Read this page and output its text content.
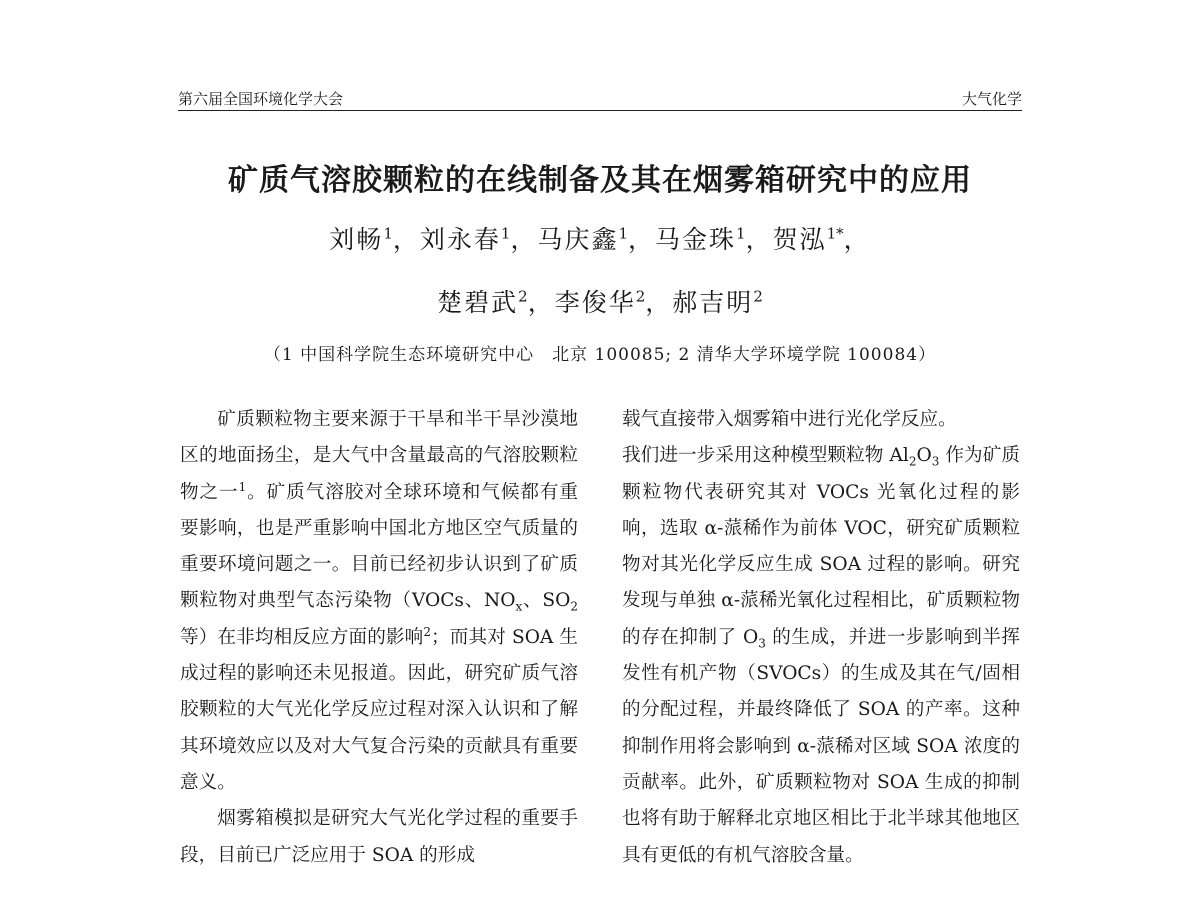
第六届全国环境化学大会	大气化学
矿质气溶胶颗粒的在线制备及其在烟雾箱研究中的应用
刘畅$^1$，刘永春$^1$，马庆鑫$^1$，马金珠$^1$，贺泓$^{1*}$，
楚碧武$^2$，李俊华$^2$，郝吉明$^2$
（1 中国科学院生态环境研究中心　北京 100085; 2 清华大学环境学院 100084）

矿质颗粒物主要来源于干旱和半干旱沙漠地区的地面扬尘，是大气中含量最高的气溶胶颗粒物之一$^1$。矿质气溶胶对全球环境和气候都有重要影响，也是严重影响中国北方地区空气质量的重要环境问题之一。目前已经初步认识到了矿质颗粒物对典型气态污染物（VOCs、$NO_x$、$SO_2$等）在非均相反应方面的影响$^2$；而其对 SOA 生成过程的影响还未见报道。因此，研究矿质气溶胶颗粒的大气光化学反应过程对深入认识和了解其环境效应以及对大气复合污染的贡献具有重要意义。

烟雾箱模拟是研究大气光化学过程的重要手段，目前已广泛应用于 SOA 的形成

载气直接带入烟雾箱中进行光化学反应。

我们进一步采用这种模型颗粒物 $Al_2O_3$ 作为矿质颗粒物代表研究其对 VOCs 光氧化过程的影响，选取 α-蒎稀作为前体 VOC，研究矿质颗粒物对其光化学反应生成 SOA 过程的影响。研究发现与单独 α-蒎稀光氧化过程相比，矿质颗粒物的存在抑制了 $O_3$ 的生成，并进一步影响到半挥发性有机产物（SVOCs）的生成及其在气/固相的分配过程，并最终降低了 SOA 的产率。这种抑制作用将会影响到 α-蒎稀对区域 SOA 浓度的贡献率。此外，矿质颗粒物对 SOA 生成的抑制也将有助于解释北京地区相比于北半球其他地区具有更低的有机气溶胶含量。
